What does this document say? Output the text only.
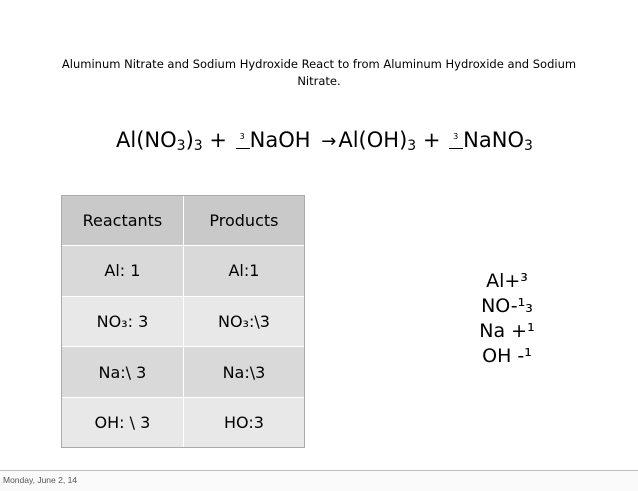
Aluminum Nitrate and Sodium Hydroxide React to from Aluminum Hydroxide and Sodium Nitrate.
$Al(NO_3)_3 + 3$ NaOH $\to Al(OH)_3 + 3$ NaNO$_3$
Reactants	Products
Al: 1	Al:1
NO₃: 3	NO₃:\3
Na:\ 3	Na:\3
OH: \ 3	HO:3
Al+³
NO-¹₃
Na +¹
OH -¹
Monday, June 2, 14
